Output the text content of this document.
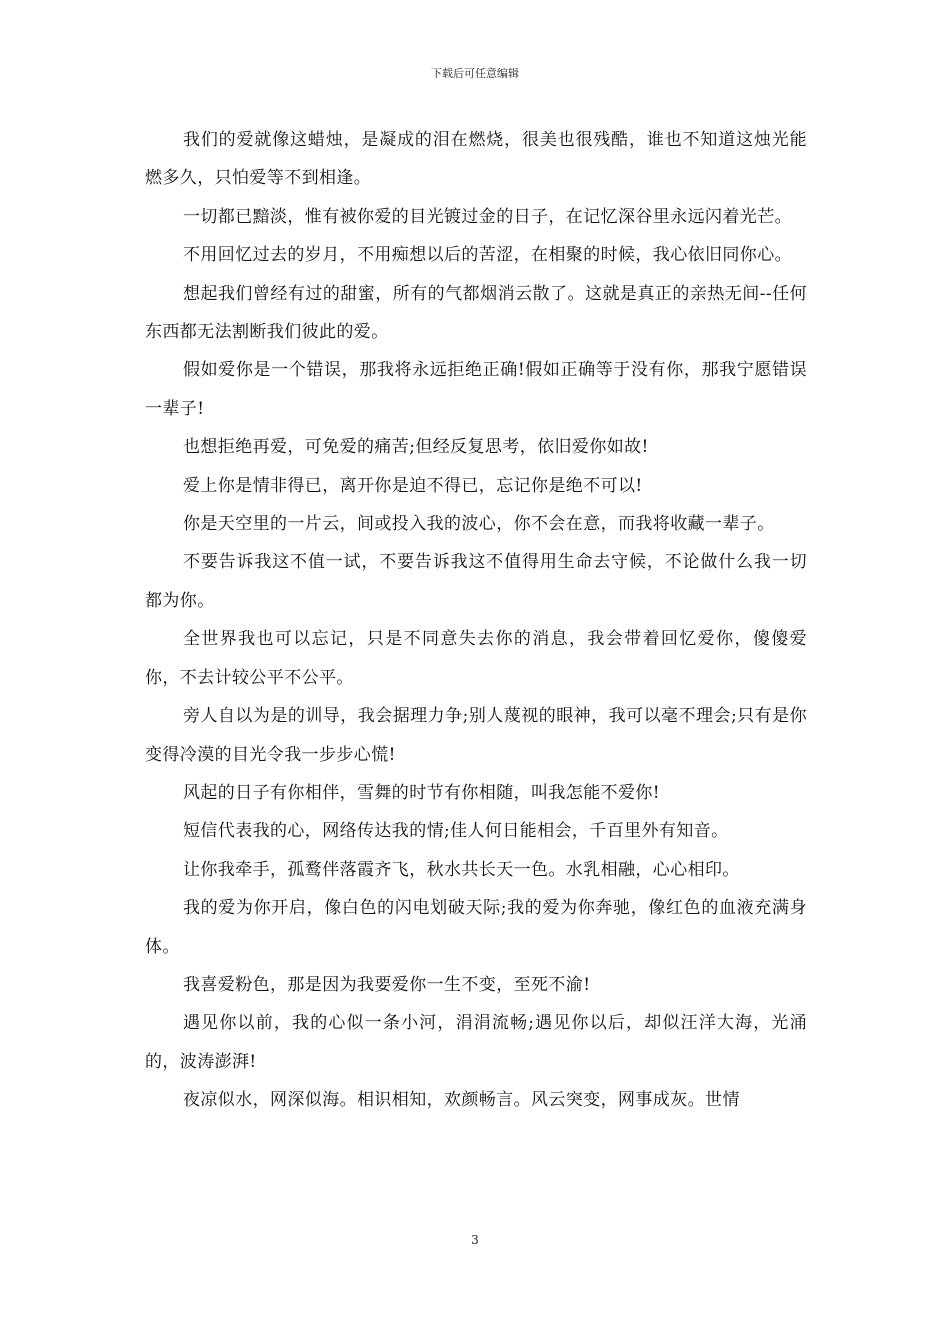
下载后可任意编辑

我们的爱就像这蜡烛，是凝成的泪在燃烧，很美也很残酷，谁也不知道这烛光能燃多久，只怕爱等不到相逢。

一切都已黯淡，惟有被你爱的目光镀过金的日子，在记忆深谷里永远闪着光芒。

不用回忆过去的岁月，不用痴想以后的苦涩，在相聚的时候，我心依旧同你心。

想起我们曾经有过的甜蜜，所有的气都烟消云散了。这就是真正的亲热无间--任何东西都无法割断我们彼此的爱。

假如爱你是一个错误，那我将永远拒绝正确!假如正确等于没有你，那我宁愿错误一辈子!

也想拒绝再爱，可免爱的痛苦;但经反复思考，依旧爱你如故!

爱上你是情非得已，离开你是迫不得已，忘记你是绝不可以!

你是天空里的一片云，间或投入我的波心，你不会在意，而我将收藏一辈子。

不要告诉我这不值一试，不要告诉我这不值得用生命去守候，不论做什么我一切都为你。

全世界我也可以忘记，只是不同意失去你的消息，我会带着回忆爱你，傻傻爱你，不去计较公平不公平。

旁人自以为是的训导，我会据理力争;别人蔑视的眼神，我可以毫不理会;只有是你变得冷漠的目光令我一步步心慌!

风起的日子有你相伴，雪舞的时节有你相随，叫我怎能不爱你!

短信代表我的心，网络传达我的情;佳人何日能相会，千百里外有知音。

让你我牵手，孤鹜伴落霞齐飞，秋水共长天一色。水乳相融，心心相印。

我的爱为你开启，像白色的闪电划破天际;我的爱为你奔驰，像红色的血液充满身体。

我喜爱粉色，那是因为我要爱你一生不变，至死不渝!

遇见你以前，我的心似一条小河，涓涓流畅;遇见你以后，却似汪洋大海，光涌的，波涛澎湃!

夜凉似水，网深似海。相识相知，欢颜畅言。风云突变，网事成灰。世情

3
